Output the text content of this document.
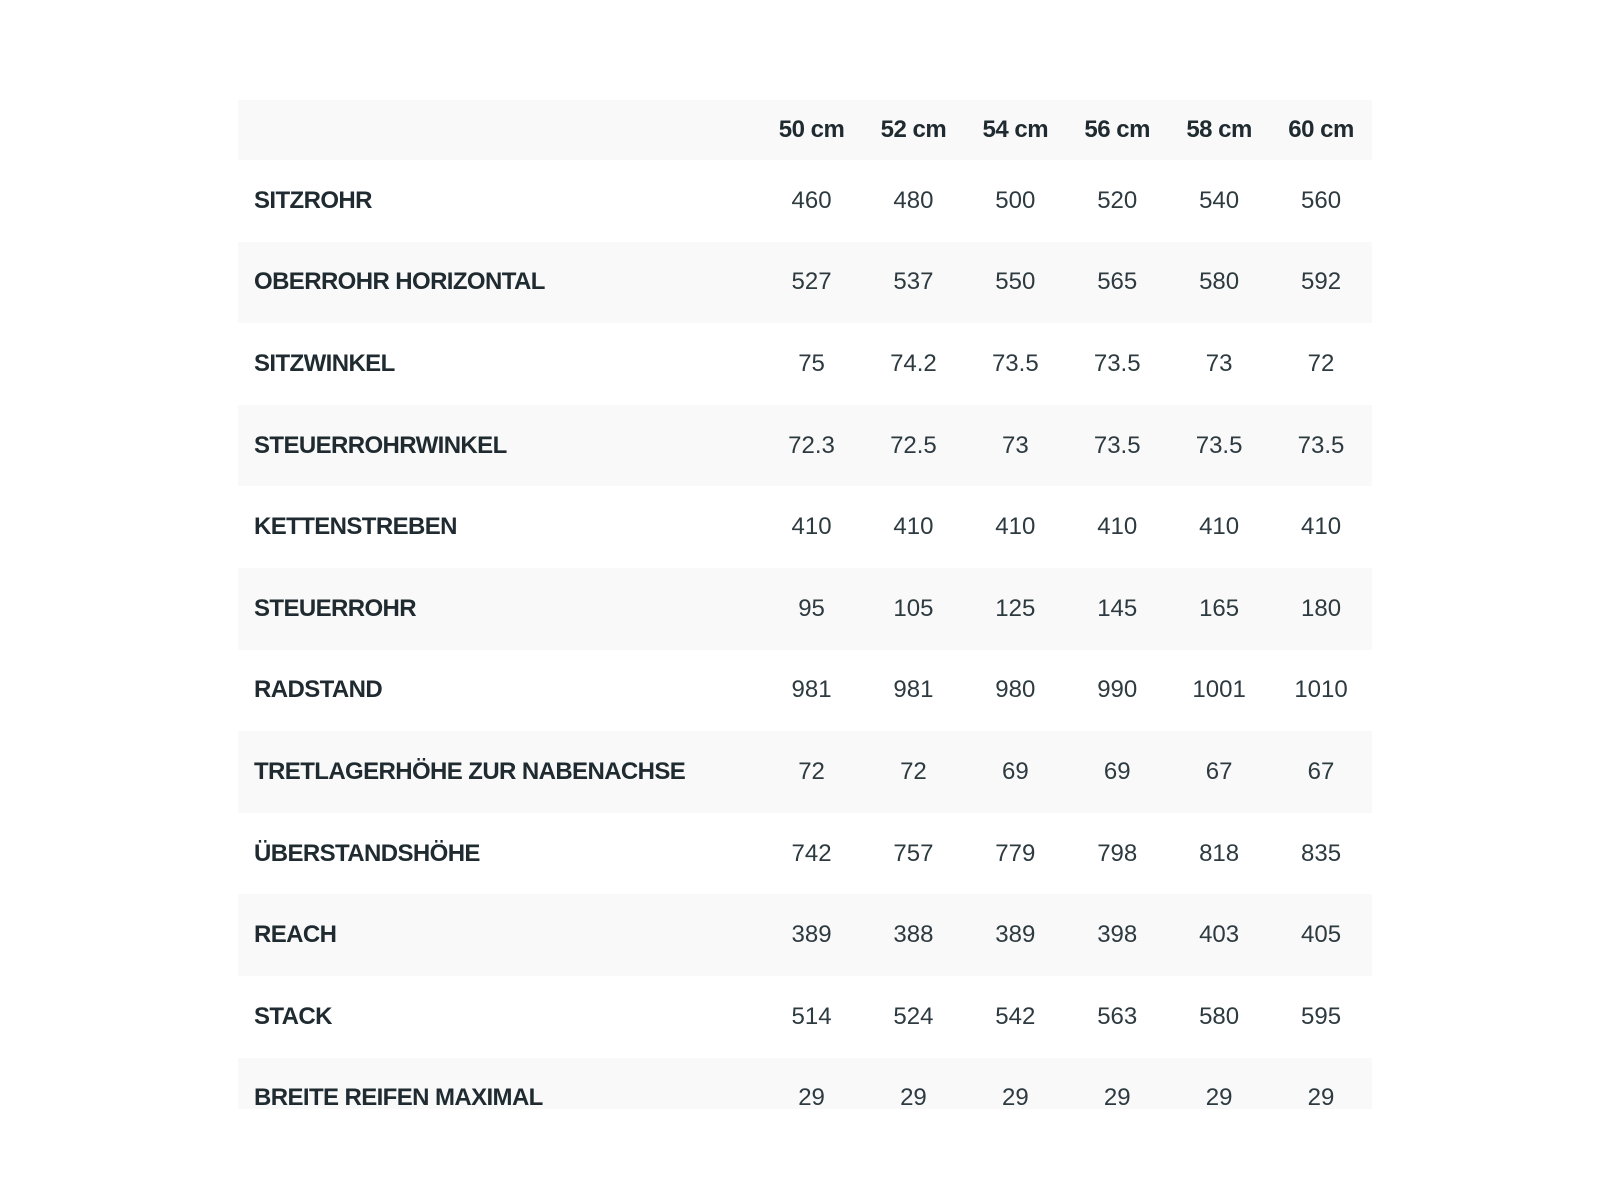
	50 cm	52 cm	54 cm	56 cm	58 cm	60 cm
SITZROHR	460	480	500	520	540	560
OBERROHR HORIZONTAL	527	537	550	565	580	592
SITZWINKEL	75	74.2	73.5	73.5	73	72
STEUERROHRWINKEL	72.3	72.5	73	73.5	73.5	73.5
KETTENSTREBEN	410	410	410	410	410	410
STEUERROHR	95	105	125	145	165	180
RADSTAND	981	981	980	990	1001	1010
TRETLAGERHÖHE ZUR NABENACHSE	72	72	69	69	67	67
ÜBERSTANDSHÖHE	742	757	779	798	818	835
REACH	389	388	389	398	403	405
STACK	514	524	542	563	580	595
BREITE REIFEN MAXIMAL	29	29	29	29	29	29
